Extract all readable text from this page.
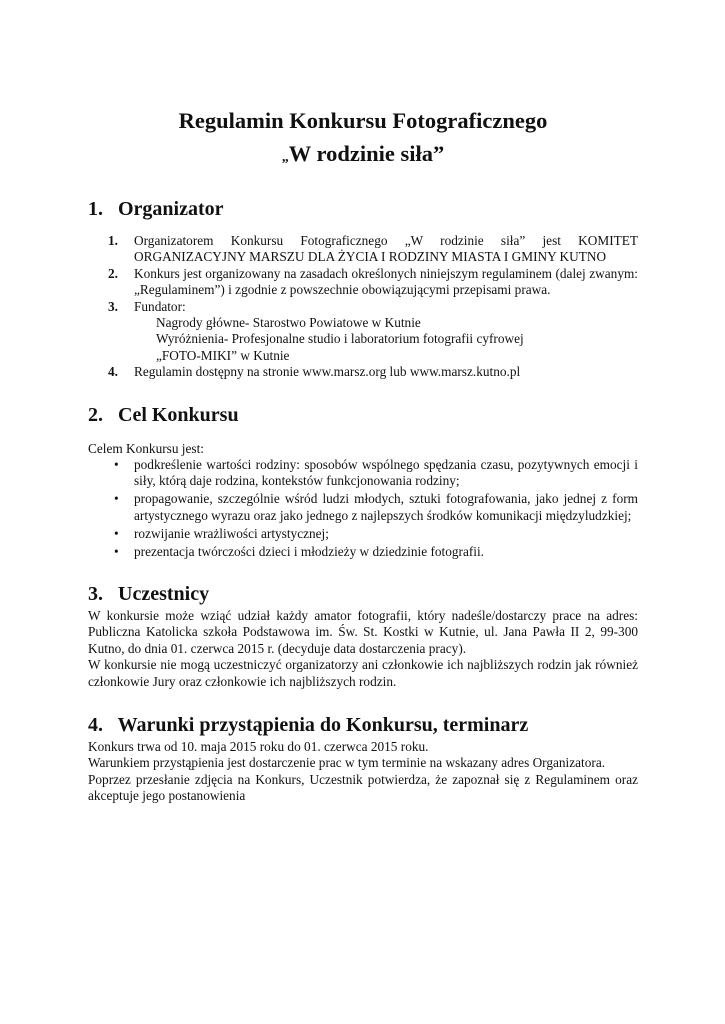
Regulamin Konkursu Fotograficznego
„W rodzinie siła”
1. Organizator
1. Organizatorem Konkursu Fotograficznego „W rodzinie siła” jest KOMITET ORGANIZACYJNY MARSZU DLA ŻYCIA I RODZINY MIASTA I GMINY KUTNO
2. Konkurs jest organizowany na zasadach określonych niniejszym regulaminem (dalej zwanym: „Regulaminem”) i zgodnie z powszechnie obowiązującymi przepisami prawa.
3. Fundator:
Nagrody główne- Starostwo Powiatowe w Kutnie
Wyróżnienia- Profesjonalne studio i laboratorium fotografii cyfrowej
„FOTO-MIKI” w Kutnie
4. Regulamin dostępny na stronie www.marsz.org lub www.marsz.kutno.pl
2. Cel Konkursu
Celem Konkursu jest:
• podkreślenie wartości rodziny: sposobów wspólnego spędzania czasu, pozytywnych emocji i siły, którą daje rodzina, kontekstów funkcjonowania rodziny;
• propagowanie, szczególnie wśród ludzi młodych, sztuki fotografowania, jako jednej z form artystycznego wyrazu oraz jako jednego z najlepszych środków komunikacji międzyludzkiej;
• rozwijanie wrażliwości artystycznej;
• prezentacja twórczości dzieci i młodzieży w dziedzinie fotografii.
3. Uczestnicy

W konkursie może wziąć udział każdy amator fotografii, który nadeśle/dostarczy prace na adres: Publiczna Katolicka szkoła Podstawowa im. Św. St. Kostki w Kutnie, ul. Jana Pawła II 2, 99-300 Kutno, do dnia 01. czerwca 2015 r. (decyduje data dostarczenia pracy).

W konkursie nie mogą uczestniczyć organizatorzy ani członkowie ich najbliższych rodzin jak również członkowie Jury oraz członkowie ich najbliższych rodzin.

4. Warunki przystąpienia do Konkursu, terminarz

Konkurs trwa od 10. maja 2015 roku do 01. czerwca 2015 roku.

Warunkiem przystąpienia jest dostarczenie prac w tym terminie na wskazany adres Organizatora.

Poprzez przesłanie zdjęcia na Konkurs, Uczestnik potwierdza, że zapoznał się z Regulaminem oraz akceptuje jego postanowienia
